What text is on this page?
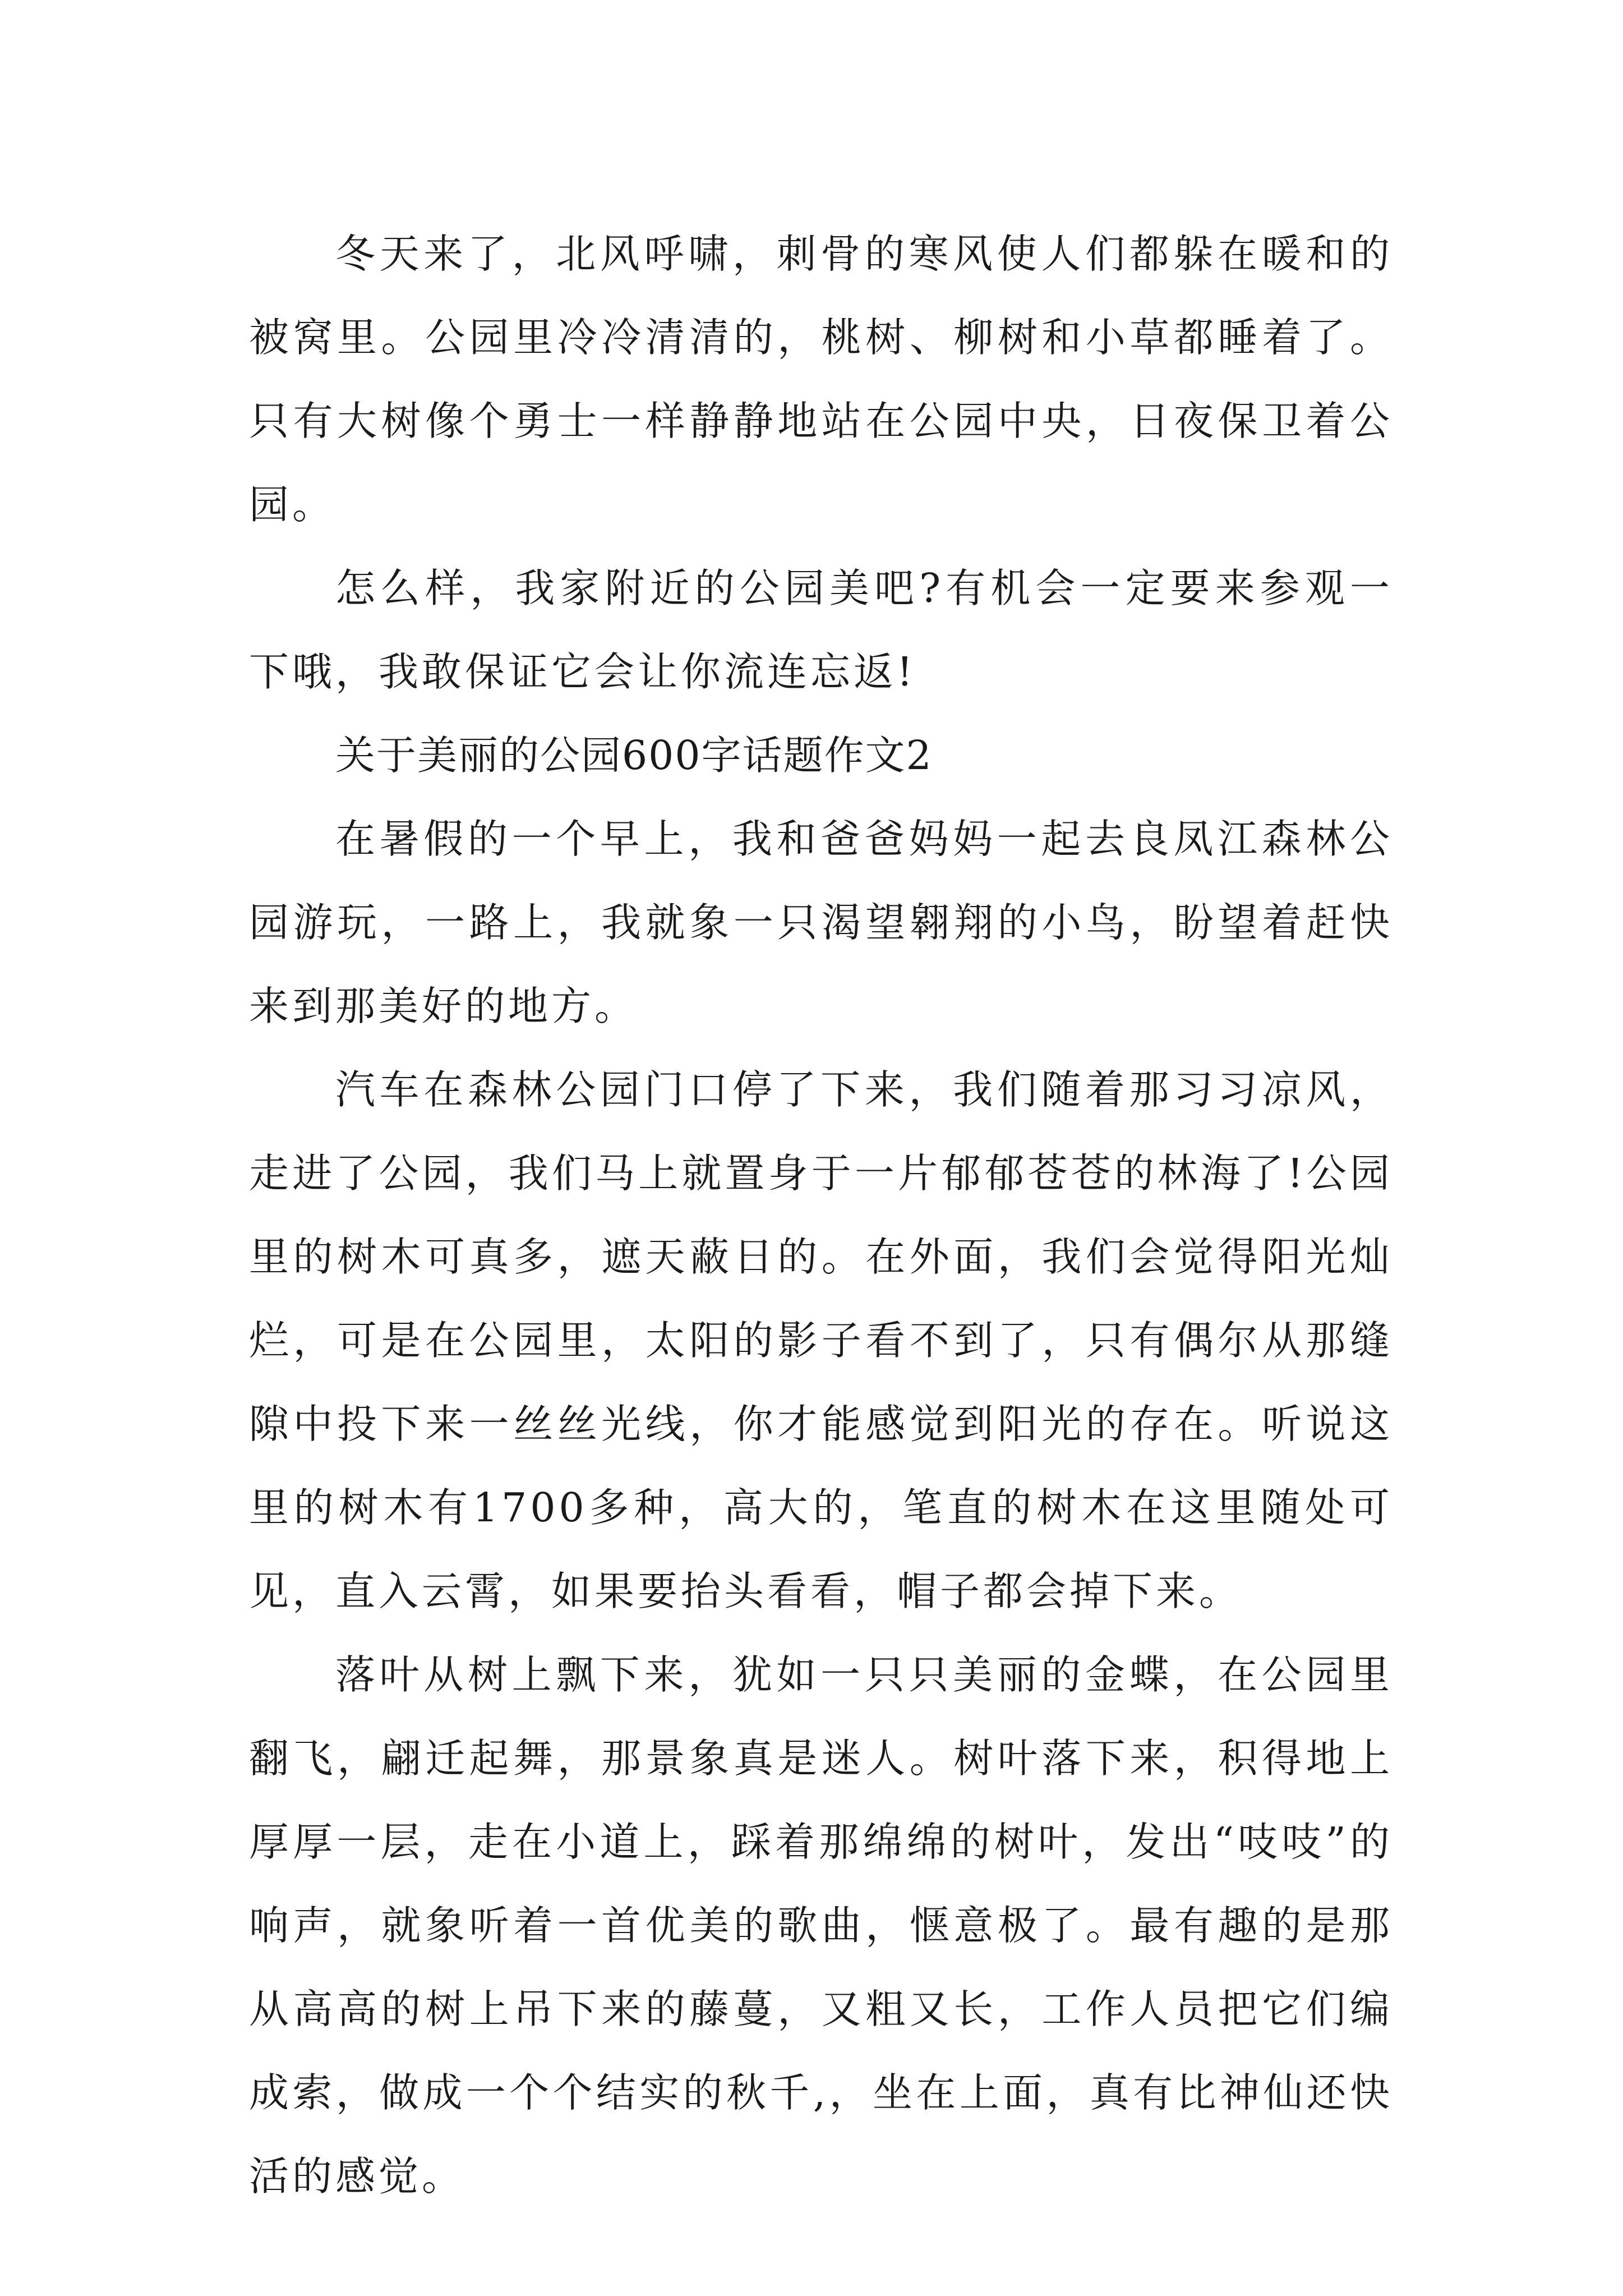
冬天来了，北风呼啸，刺骨的寒风使人们都躲在暖和的被窝里。公园里冷冷清清的，桃树、柳树和小草都睡着了。只有大树像个勇士一样静静地站在公园中央，日夜保卫着公园。

怎么样，我家附近的公园美吧?有机会一定要来参观一下哦，我敢保证它会让你流连忘返!

关于美丽的公园600字话题作文2

在暑假的一个早上，我和爸爸妈妈一起去良凤江森林公园游玩，一路上，我就象一只渴望翱翔的小鸟，盼望着赶快来到那美好的地方。

汽车在森林公园门口停了下来，我们随着那习习凉风，走进了公园，我们马上就置身于一片郁郁苍苍的林海了!公园里的树木可真多，遮天蔽日的。在外面，我们会觉得阳光灿烂，可是在公园里，太阳的影子看不到了，只有偶尔从那缝隙中投下来一丝丝光线，你才能感觉到阳光的存在。听说这里的树木有1700多种，高大的，笔直的树木在这里随处可见，直入云霄，如果要抬头看看，帽子都会掉下来。

落叶从树上飘下来，犹如一只只美丽的金蝶，在公园里翻飞，翩迁起舞，那景象真是迷人。树叶落下来，积得地上厚厚一层，走在小道上，踩着那绵绵的树叶，发出“吱吱”的响声，就象听着一首优美的歌曲，惬意极了。最有趣的是那从高高的树上吊下来的藤蔓，又粗又长，工作人员把它们编成索，做成一个个结实的秋千,，坐在上面，真有比神仙还快活的感觉。
